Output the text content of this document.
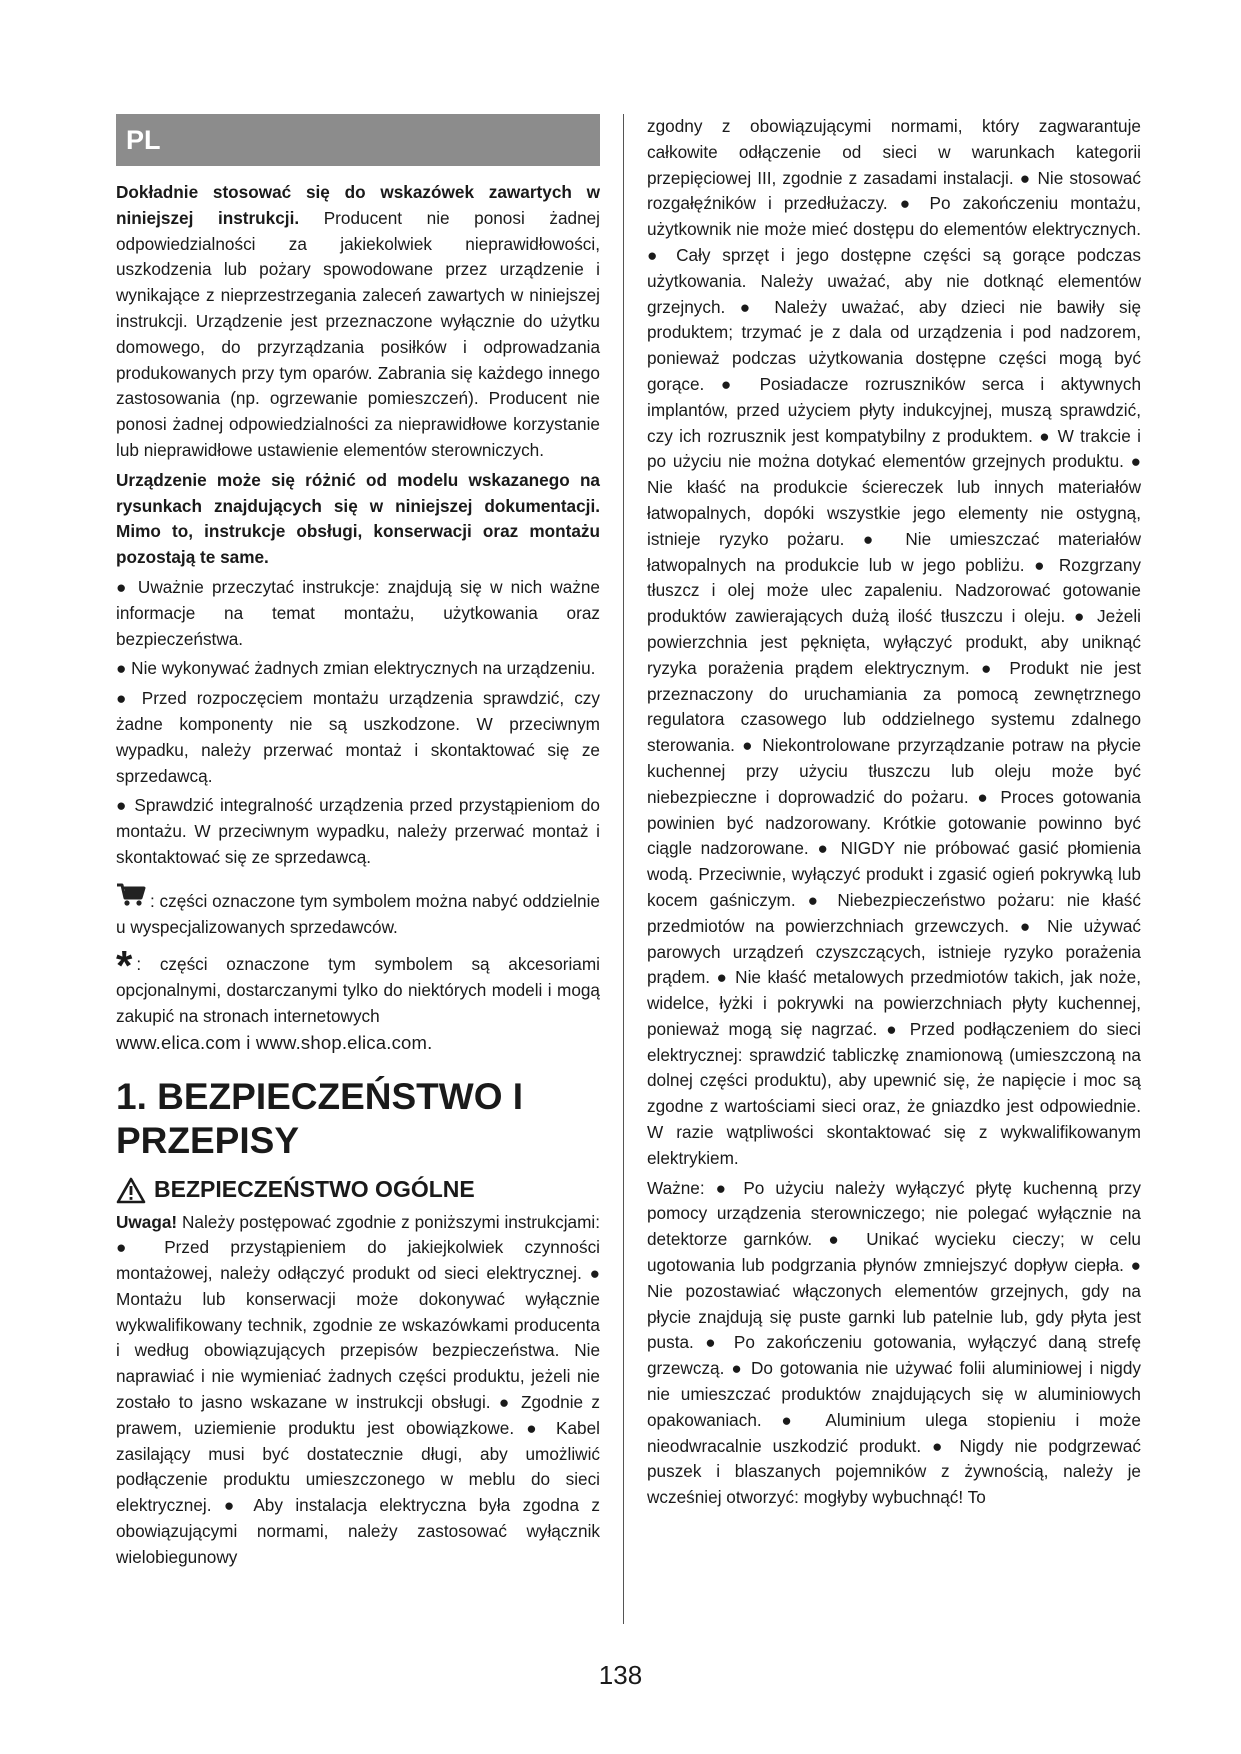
PL

Dokładnie stosować się do wskazówek zawartych w niniejszej instrukcji. Producent nie ponosi żadnej odpowiedzialności za jakiekolwiek nieprawidłowości, uszkodzenia lub pożary spowodowane przez urządzenie i wynikające z nieprzestrzegania zaleceń zawartych w niniejszej instrukcji. Urządzenie jest przeznaczone wyłącznie do użytku domowego, do przyrządzania posiłków i odprowadzania produkowanych przy tym oparów. Zabrania się każdego innego zastosowania (np. ogrzewanie pomieszczeń). Producent nie ponosi żadnej odpowiedzialności za nieprawidłowe korzystanie lub nieprawidłowe ustawienie elementów sterowniczych.

Urządzenie może się różnić od modelu wskazanego na rysunkach znajdujących się w niniejszej dokumentacji. Mimo to, instrukcje obsługi, konserwacji oraz montażu pozostają te same.

● Uważnie przeczytać instrukcje: znajdują się w nich ważne informacje na temat montażu, użytkowania oraz bezpieczeństwa.

● Nie wykonywać żadnych zmian elektrycznych na urządzeniu.

● Przed rozpoczęciem montażu urządzenia sprawdzić, czy żadne komponenty nie są uszkodzone. W przeciwnym wypadku, należy przerwać montaż i skontaktować się ze sprzedawcą.

● Sprawdzić integralność urządzenia przed przystąpieniom do montażu. W przeciwnym wypadku, należy przerwać montaż i skontaktować się ze sprzedawcą.

: części oznaczone tym symbolem można nabyć oddzielnie u wyspecjalizowanych sprzedawców.

* : części oznaczone tym symbolem są akcesoriami opcjonalnymi, dostarczanymi tylko do niektórych modeli i mogą zakupić na stronach internetowych
www.elica.com i www.shop.elica.com.

1. BEZPIECZEŃSTWO I PRZEPISY
BEZPIECZEŃSTWO OGÓLNE

Uwaga! Należy postępować zgodnie z poniższymi instrukcjami: ● Przed przystąpieniem do jakiejkolwiek czynności montażowej, należy odłączyć produkt od sieci elektrycznej. ● Montażu lub konserwacji może dokonywać wyłącznie wykwalifikowany technik, zgodnie ze wskazówkami producenta i według obowiązujących przepisów bezpieczeństwa. Nie naprawiać i nie wymieniać żadnych części produktu, jeżeli nie zostało to jasno wskazane w instrukcji obsługi. ● Zgodnie z prawem, uziemienie produktu jest obowiązkowe. ● Kabel zasilający musi być dostatecznie długi, aby umożliwić podłączenie produktu umieszczonego w meblu do sieci elektrycznej. ● Aby instalacja elektryczna była zgodna z obowiązującymi normami, należy zastosować wyłącznik wielobiegunowy

zgodny z obowiązującymi normami, który zagwarantuje całkowite odłączenie od sieci w warunkach kategorii przepięciowej III, zgodnie z zasadami instalacji. ● Nie stosować rozgałęźników i przedłużaczy. ● Po zakończeniu montażu, użytkownik nie może mieć dostępu do elementów elektrycznych. ● Cały sprzęt i jego dostępne części są gorące podczas użytkowania. Należy uważać, aby nie dotknąć elementów grzejnych. ● Należy uważać, aby dzieci nie bawiły się produktem; trzymać je z dala od urządzenia i pod nadzorem, ponieważ podczas użytkowania dostępne części mogą być gorące. ● Posiadacze rozruszników serca i aktywnych implantów, przed użyciem płyty indukcyjnej, muszą sprawdzić, czy ich rozrusznik jest kompatybilny z produktem. ● W trakcie i po użyciu nie można dotykać elementów grzejnych produktu. ● Nie kłaść na produkcie ściereczek lub innych materiałów łatwopalnych, dopóki wszystkie jego elementy nie ostygną, istnieje ryzyko pożaru. ● Nie umieszczać materiałów łatwopalnych na produkcie lub w jego pobliżu. ● Rozgrzany tłuszcz i olej może ulec zapaleniu. Nadzorować gotowanie produktów zawierających dużą ilość tłuszczu i oleju. ● Jeżeli powierzchnia jest pęknięta, wyłączyć produkt, aby uniknąć ryzyka porażenia prądem elektrycznym. ● Produkt nie jest przeznaczony do uruchamiania za pomocą zewnętrznego regulatora czasowego lub oddzielnego systemu zdalnego sterowania. ● Niekontrolowane przyrządzanie potraw na płycie kuchennej przy użyciu tłuszczu lub oleju może być niebezpieczne i doprowadzić do pożaru. ● Proces gotowania powinien być nadzorowany. Krótkie gotowanie powinno być ciągle nadzorowane. ● NIGDY nie próbować gasić płomienia wodą. Przeciwnie, wyłączyć produkt i zgasić ogień pokrywką lub kocem gaśniczym. ● Niebezpieczeństwo pożaru: nie kłaść przedmiotów na powierzchniach grzewczych. ● Nie używać parowych urządzeń czyszczących, istnieje ryzyko porażenia prądem. ● Nie kłaść metalowych przedmiotów takich, jak noże, widelce, łyżki i pokrywki na powierzchniach płyty kuchennej, ponieważ mogą się nagrzać. ● Przed podłączeniem do sieci elektrycznej: sprawdzić tabliczkę znamionową (umieszczoną na dolnej części produktu), aby upewnić się, że napięcie i moc są zgodne z wartościami sieci oraz, że gniazdko jest odpowiednie. W razie wątpliwości skontaktować się z wykwalifikowanym elektrykiem.

Ważne: ● Po użyciu należy wyłączyć płytę kuchenną przy pomocy urządzenia sterowniczego; nie polegać wyłącznie na detektorze garnków. ● Unikać wycieku cieczy; w celu ugotowania lub podgrzania płynów zmniejszyć dopływ ciepła. ● Nie pozostawiać włączonych elementów grzejnych, gdy na płycie znajdują się puste garnki lub patelnie lub, gdy płyta jest pusta. ● Po zakończeniu gotowania, wyłączyć daną strefę grzewczą. ● Do gotowania nie używać folii aluminiowej i nigdy nie umieszczać produktów znajdujących się w aluminiowych opakowaniach. ● Aluminium ulega stopieniu i może nieodwracalnie uszkodzić produkt. ● Nigdy nie podgrzewać puszek i blaszanych pojemników z żywnością, należy je wcześniej otworzyć: mogłyby wybuchnąć! To

138
